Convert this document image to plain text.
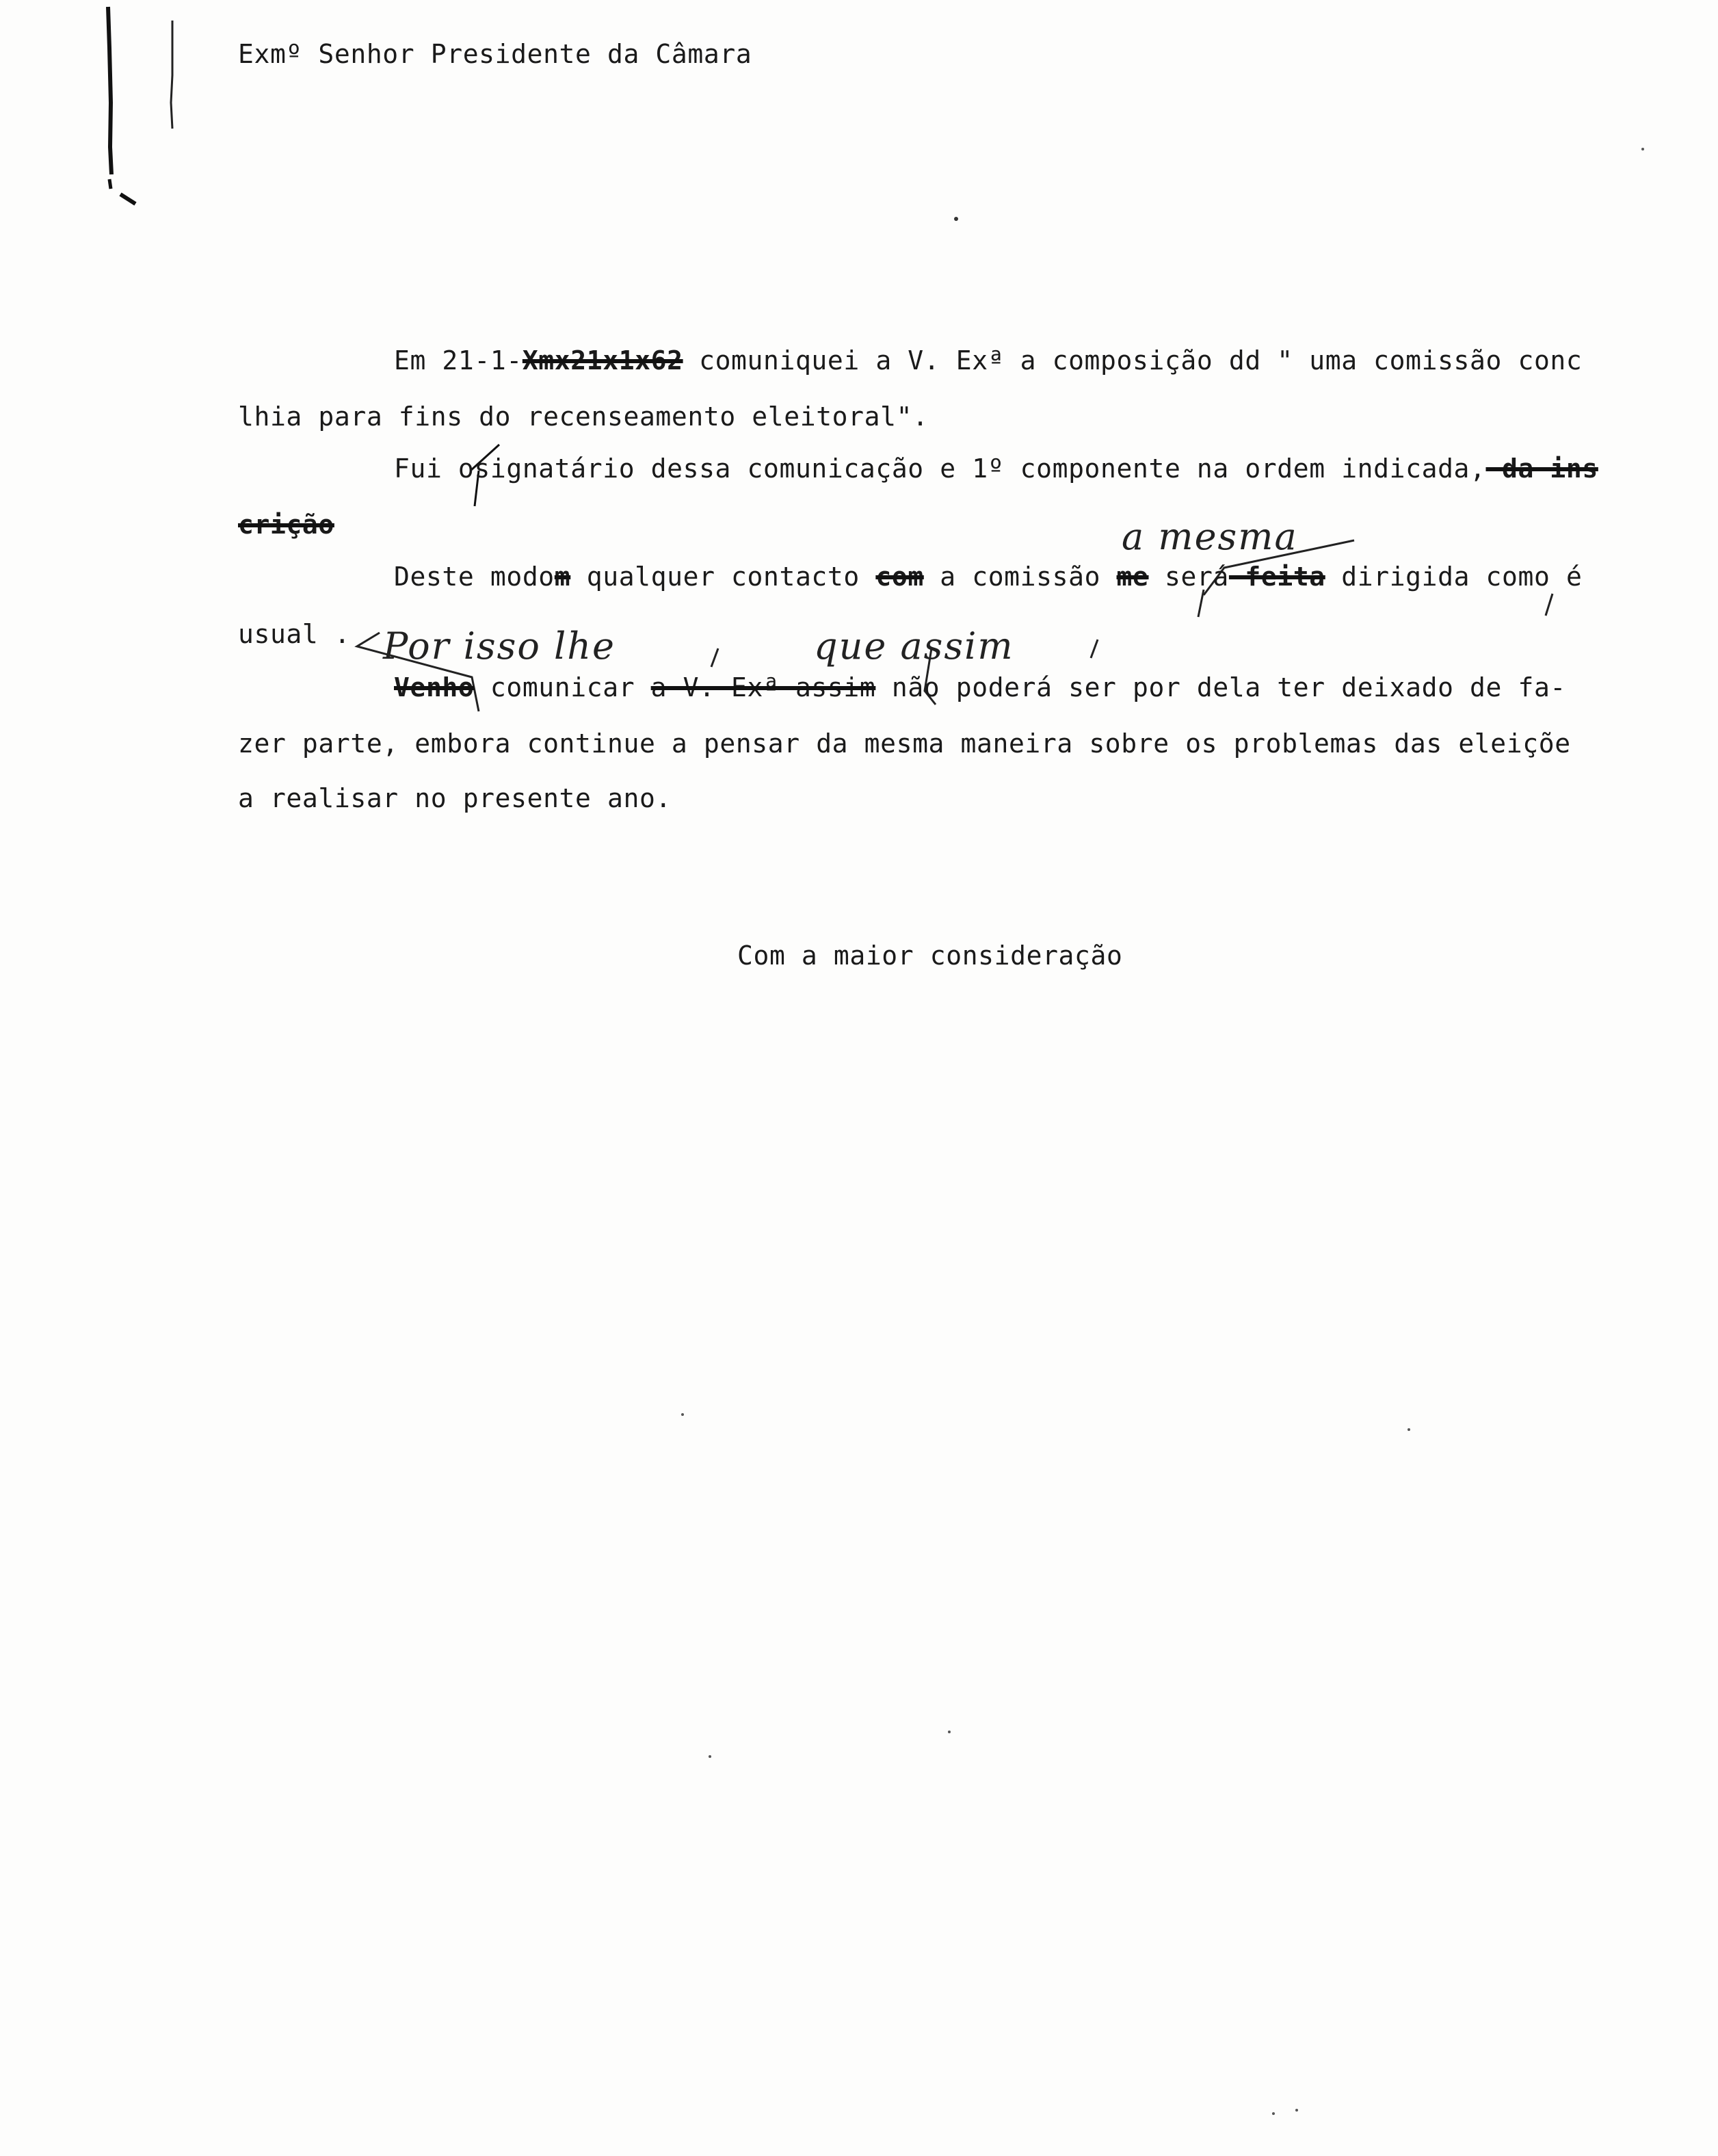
Exmº Senhor Presidente da Câmara
Em 21-1-Xmx21x1x62 comuniquei a V. Exª a composição dd " uma comissão conc
lhia para fins do recenseamento eleitoral".
Fui osignatário dessa comunicação e 1º componente na ordem indicada, da ins
crição	a mesma
Deste modom qualquer contacto com a comissão me será feita dirigida como é
usual . Por isso lhe	que assim
Venho comunicar a V. Exª assim não poderá ser por dela ter deixado de fa-
zer parte, embora continue a pensar da mesma maneira sobre os problemas das eleiçõe
a realisar no presente ano.
Com a maior consideração
